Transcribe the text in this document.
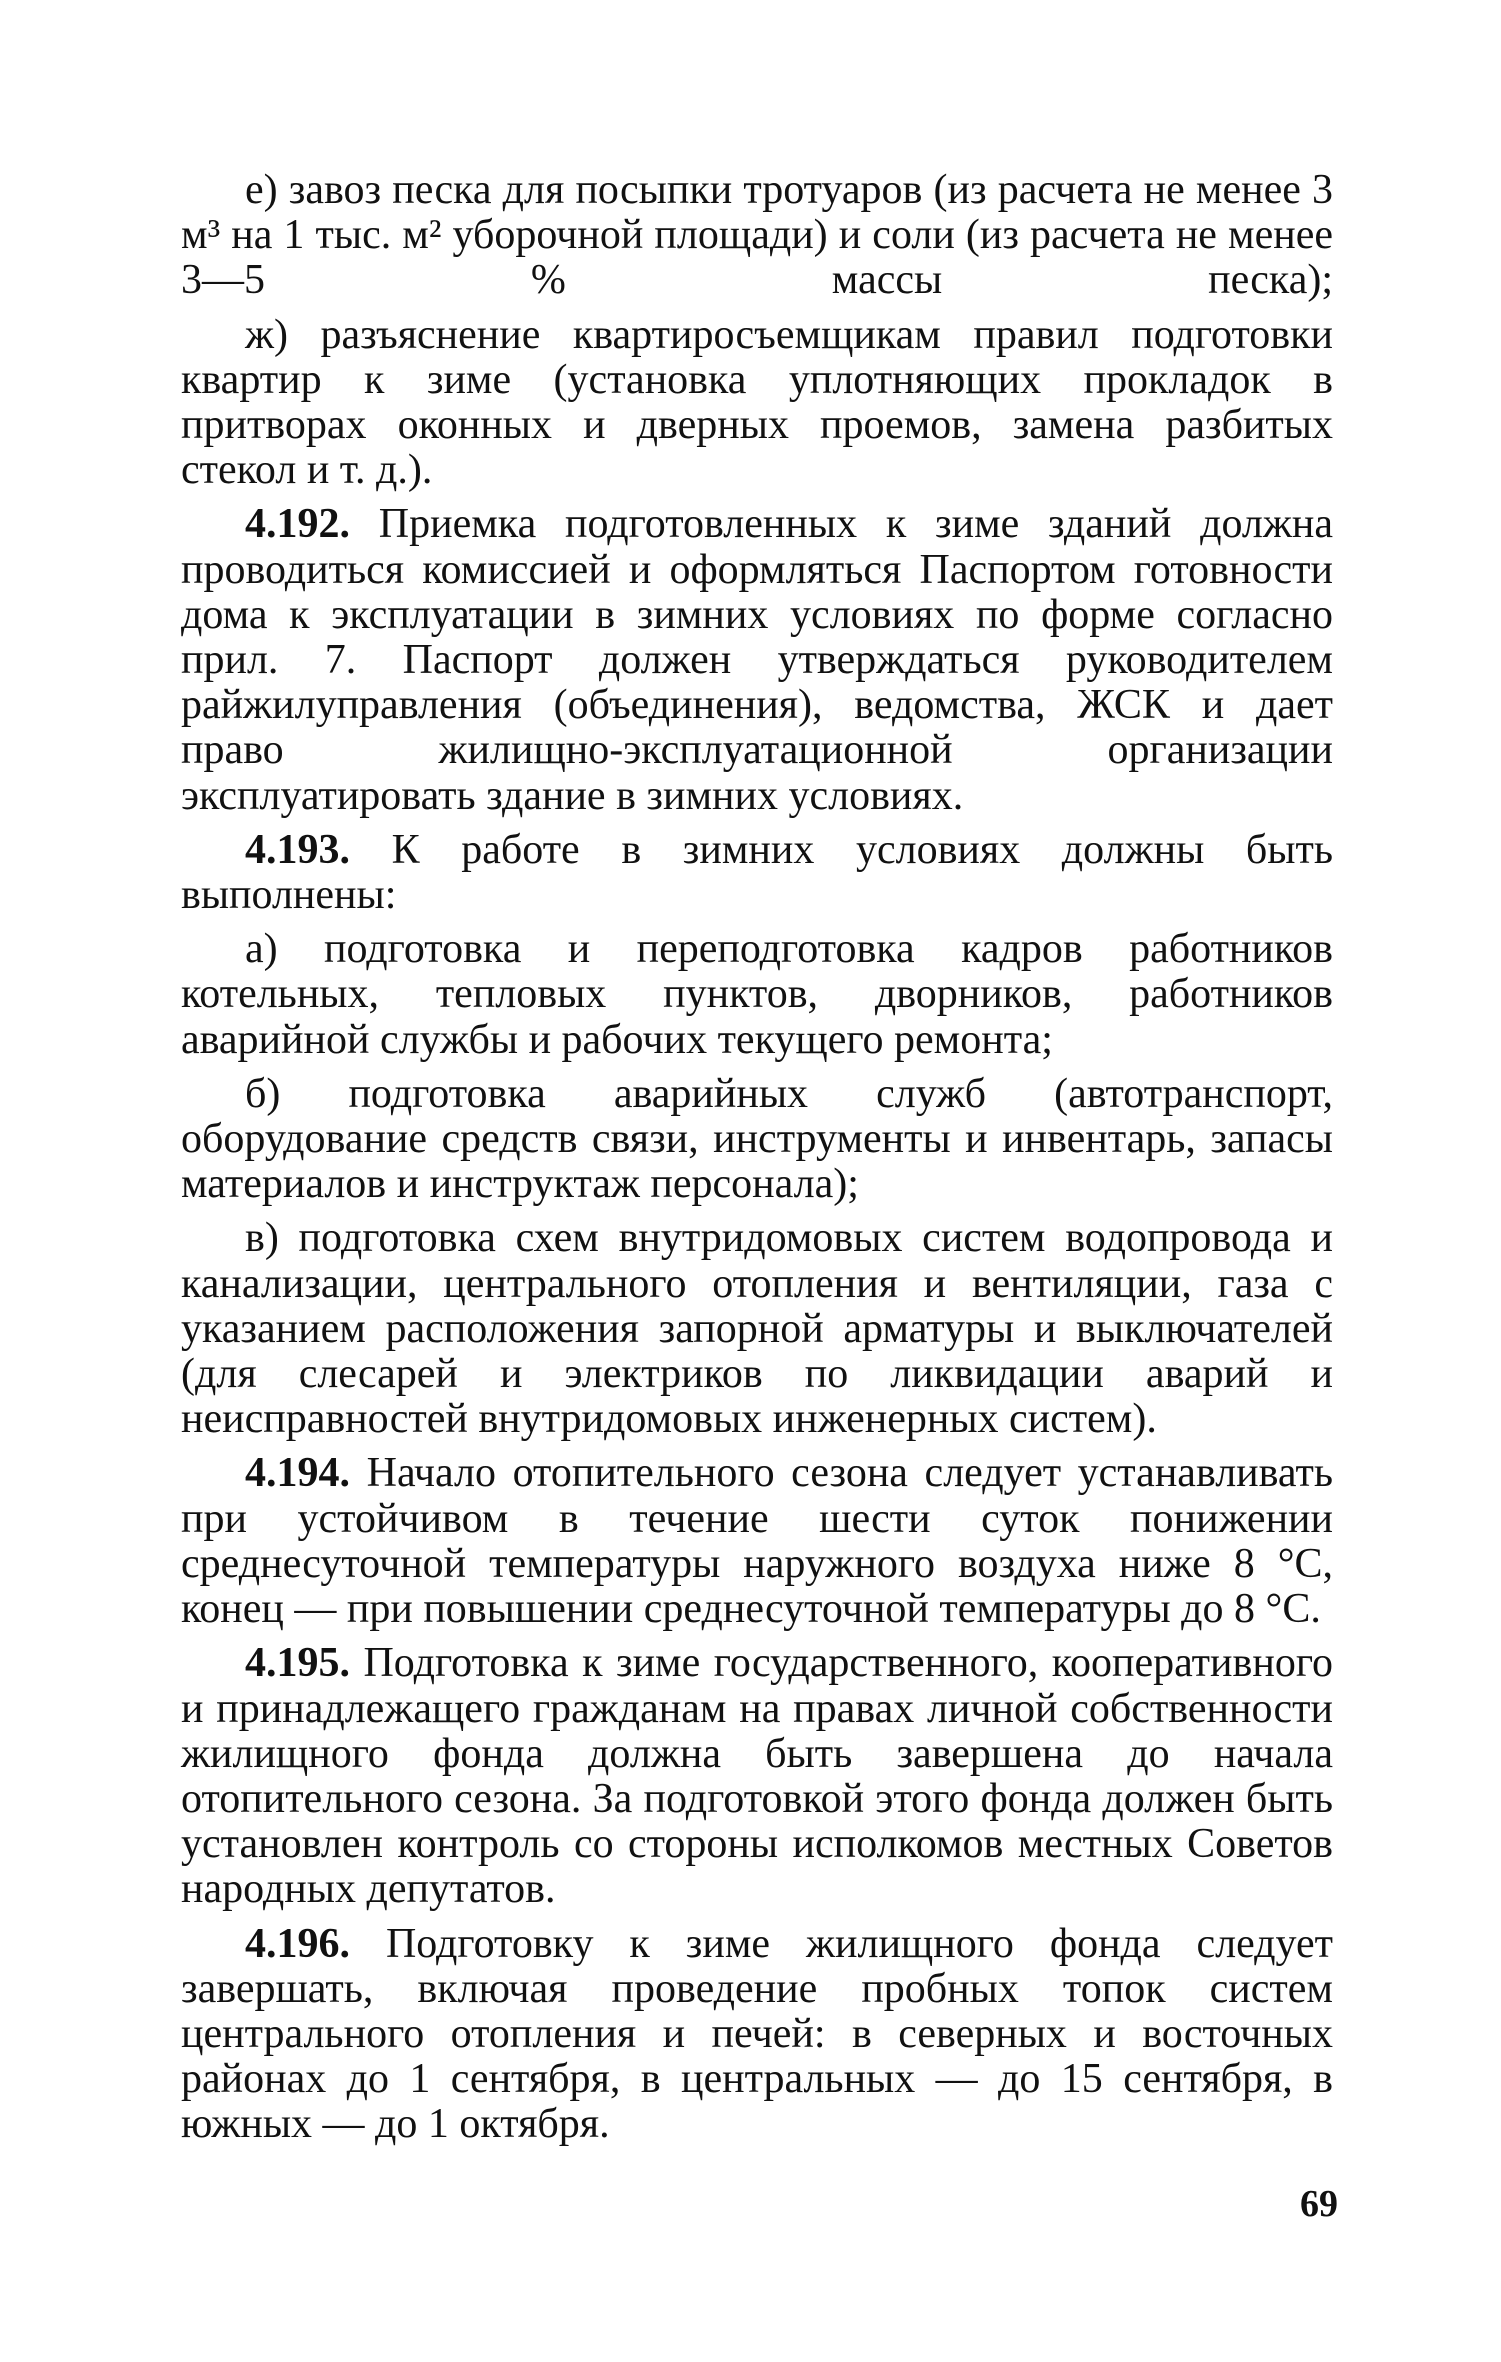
е) завоз песка для посыпки тротуаров (из расчета не менее 3 м³ на 1 тыс. м² уборочной площади) и соли (из расчета не менее 3—5 % массы песка);

ж) разъяснение квартиросъемщикам правил подготовки квартир к зиме (установка уплотняющих прокладок в притворах оконных и дверных проемов, замена разбитых стекол и т. д.).

4.192. Приемка подготовленных к зиме зданий должна проводиться комиссией и оформляться Паспортом готовности дома к эксплуатации в зимних условиях по форме согласно прил. 7. Паспорт должен утверждаться руководителем райжилуправления (объединения), ведомства, ЖСК и дает право жилищно-эксплуатационной организации эксплуатировать здание в зимних условиях.

4.193. К работе в зимних условиях должны быть выполнены:

а) подготовка и переподготовка кадров работников котельных, тепловых пунктов, дворников, работников аварийной службы и рабочих текущего ремонта;

б) подготовка аварийных служб (автотранспорт, оборудование средств связи, инструменты и инвентарь, запасы материалов и инструктаж персонала);

в) подготовка схем внутридомовых систем водопровода и канализации, центрального отопления и вентиляции, газа с указанием расположения запорной арматуры и выключателей (для слесарей и электриков по ликвидации аварий и неисправностей внутридомовых инженерных систем).

4.194. Начало отопительного сезона следует устанавливать при устойчивом в течение шести суток понижении среднесуточной температуры наружного воздуха ниже 8 °С, конец — при повышении среднесуточной температуры до 8 °С.

4.195. Подготовка к зиме государственного, кооперативного и принадлежащего гражданам на правах личной собственности жилищного фонда должна быть завершена до начала отопительного сезона. За подготовкой этого фонда должен быть установлен контроль со стороны исполкомов местных Советов народных депутатов.

4.196. Подготовку к зиме жилищного фонда следует завершать, включая проведение пробных топок систем центрального отопления и печей: в северных и восточных районах до 1 сентября, в центральных — до 15 сентября, в южных — до 1 октября.

69
